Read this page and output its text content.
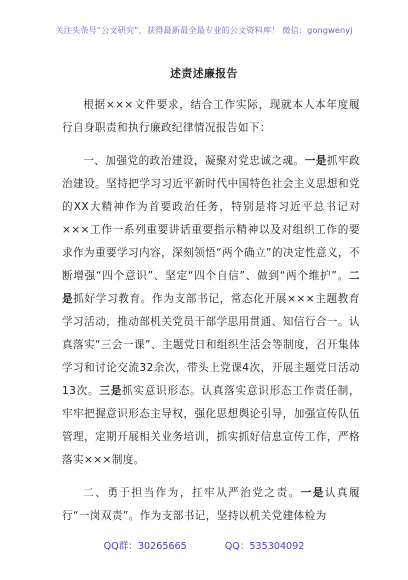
关注头条号“公文研究”，获得最新最全最专业的公文资料库！ 微信：gongwenyj
述责述廉报告

根据×××文件要求，结合工作实际，现就本人本年度履行自身职责和执行廉政纪律情况报告如下：

一、加强党的政治建设，凝聚对党忠诚之魂。一是抓牢政治建设。坚持把学习习近平新时代中国特色社会主义思想和党的XX大精神作为首要政治任务，特别是将习近平总书记对×××工作一系列重要讲话重要指示精神以及对组织工作的要求作为重要学习内容，深刻领悟“两个确立”的决定性意义，不断增强“四个意识”、坚定“四个自信”、做到“两个维护”。二是抓好学习教育。作为支部书记，常态化开展×××主题教育学习活动，推动部机关党员干部学思用贯通、知信行合一。认真落实“三会一课”、主题党日和组织生活会等制度，召开集体学习和讨论交流32余次，带头上党课4次，开展主题党日活动13次。三是抓实意识形态。认真落实意识形态工作责任制，牢牢把握意识形态主导权，强化思想舆论引导，加强宣传队伍管理，定期开展相关业务培训，抓实抓好信息宣传工作，严格落实×××制度。

二、勇于担当作为，扛牢从严治党之责。一是认真履行“一岗双责”。作为支部书记，坚持以机关党建体检为

QQ群：30265665	QQ：535304092
